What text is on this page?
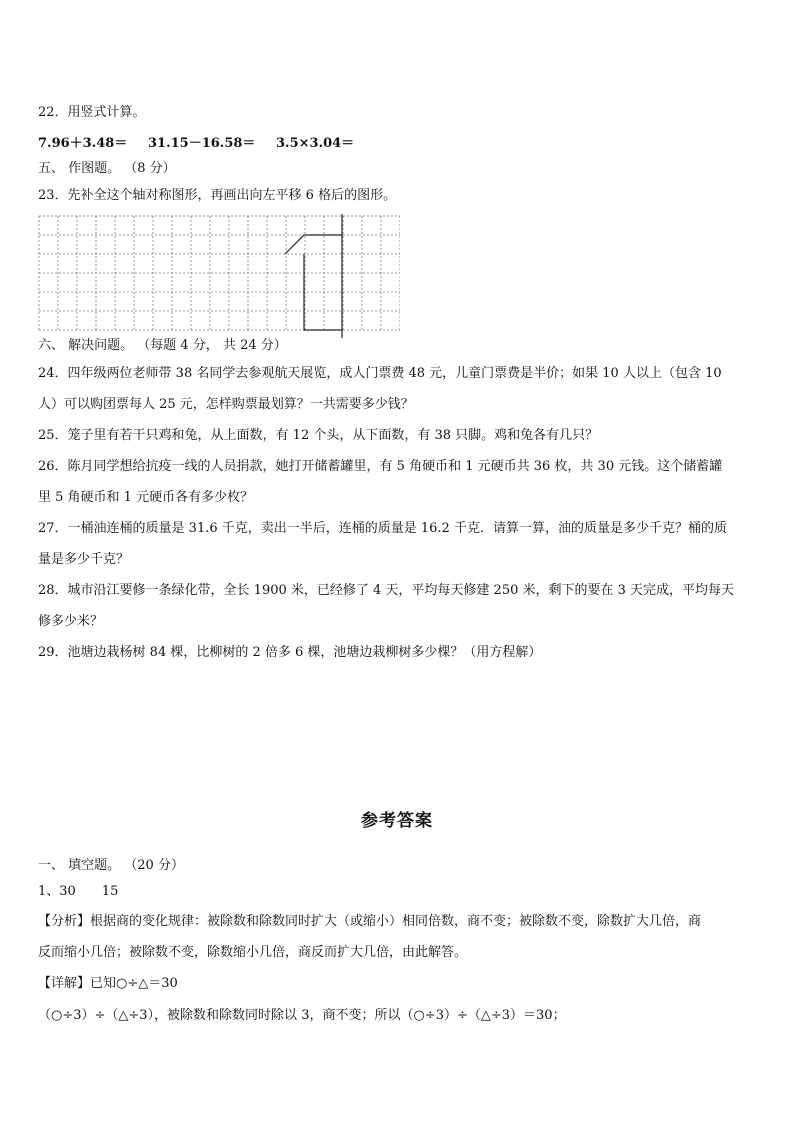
22．用竖式计算。
7.96＋3.48＝ 31.15－16.58＝ 3.5×3.04＝
五、 作图题。 （8 分）
23．先补全这个轴对称图形，再画出向左平移 6 格后的图形。
六、 解决问题。 （每题 4 分， 共 24 分）
24．四年级两位老师带 38 名同学去参观航天展览，成人门票费 48 元，儿童门票费是半价；如果 10 人以上（包含 10
人）可以购团票每人 25 元，怎样购票最划算？一共需要多少钱？
25．笼子里有若干只鸡和兔，从上面数，有 12 个头，从下面数，有 38 只脚。鸡和兔各有几只？
26．陈月同学想给抗疫一线的人员捐款，她打开储蓄罐里，有 5 角硬币和 1 元硬币共 36 枚，共 30 元钱。这个储蓄罐
里 5 角硬币和 1 元硬币各有多少枚？
27．一桶油连桶的质量是 31.6 千克，卖出一半后，连桶的质量是 16.2 千克．请算一算，油的质量是多少千克？桶的质
量是多少千克？
28．城市沿江要修一条绿化带，全长 1900 米，已经修了 4 天，平均每天修建 250 米，剩下的要在 3 天完成，平均每天
修多少米？
29．池塘边栽杨树 84 棵，比柳树的 2 倍多 6 棵，池塘边栽柳树多少棵？（用方程解）
参考答案
一、 填空题。 （20 分）
1、30　　15
【分析】根据商的变化规律：被除数和除数同时扩大（或缩小）相同倍数，商不变；被除数不变，除数扩大几倍，商
反而缩小几倍；被除数不变，除数缩小几倍，商反而扩大几倍，由此解答。
【详解】已知○÷△＝30
（○÷3）÷（△÷3），被除数和除数同时除以 3，商不变；所以（○÷3）÷（△÷3）＝30；
